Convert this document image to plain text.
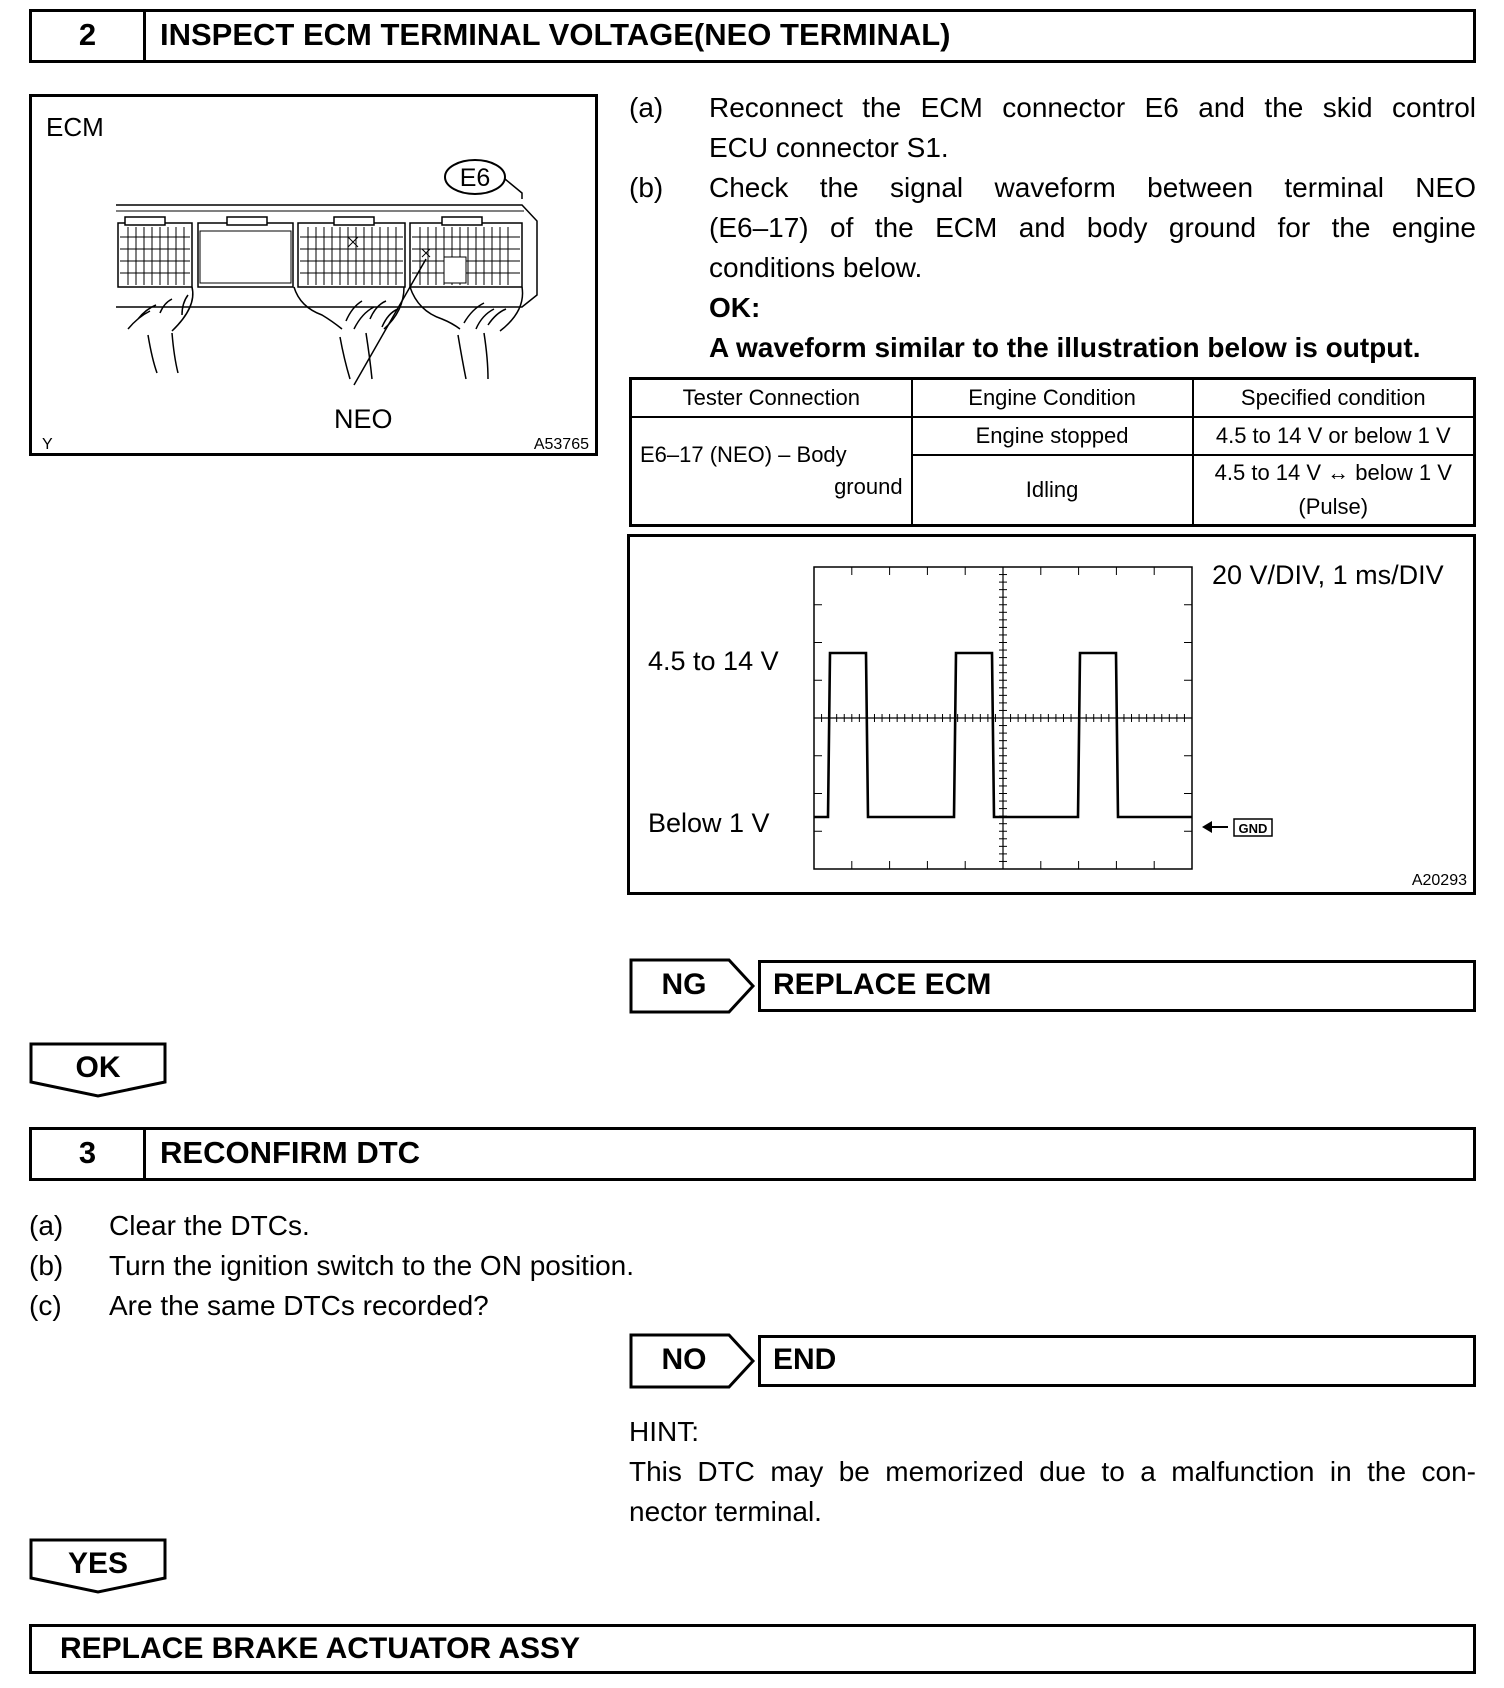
2	INSPECT ECM TERMINAL VOLTAGE(NEO TERMINAL)
ECM
NEO
Y	A53765
E6
(a) Reconnect the ECM connector E6 and the skid control
ECU connector S1.
(b) Check the signal waveform between terminal NEO
(E6–17) of the ECM and body ground for the engine
conditions below.
OK:
A waveform similar to the illustration below is output.
Tester Connection	Engine Condition	Specified condition

E6–17 (NEO) – Body
ground	Engine stopped	4.5 to 14 V or below 1 V
	Idling	4.5 to 14 V ↔ below 1 V
(Pulse)
20 V/DIV, 1 ms/DIV
4.5 to 14 V
Below 1 V
A20293
GND
NG	REPLACE ECM
OK
3	RECONFIRM DTC
(a) Clear the DTCs.
(b) Turn the ignition switch to the ON position.
(c) Are the same DTCs recorded?
NO	END
HINT:
This DTC may be memorized due to a malfunction in the con-
nector terminal.
YES
REPLACE BRAKE ACTUATOR ASSY
